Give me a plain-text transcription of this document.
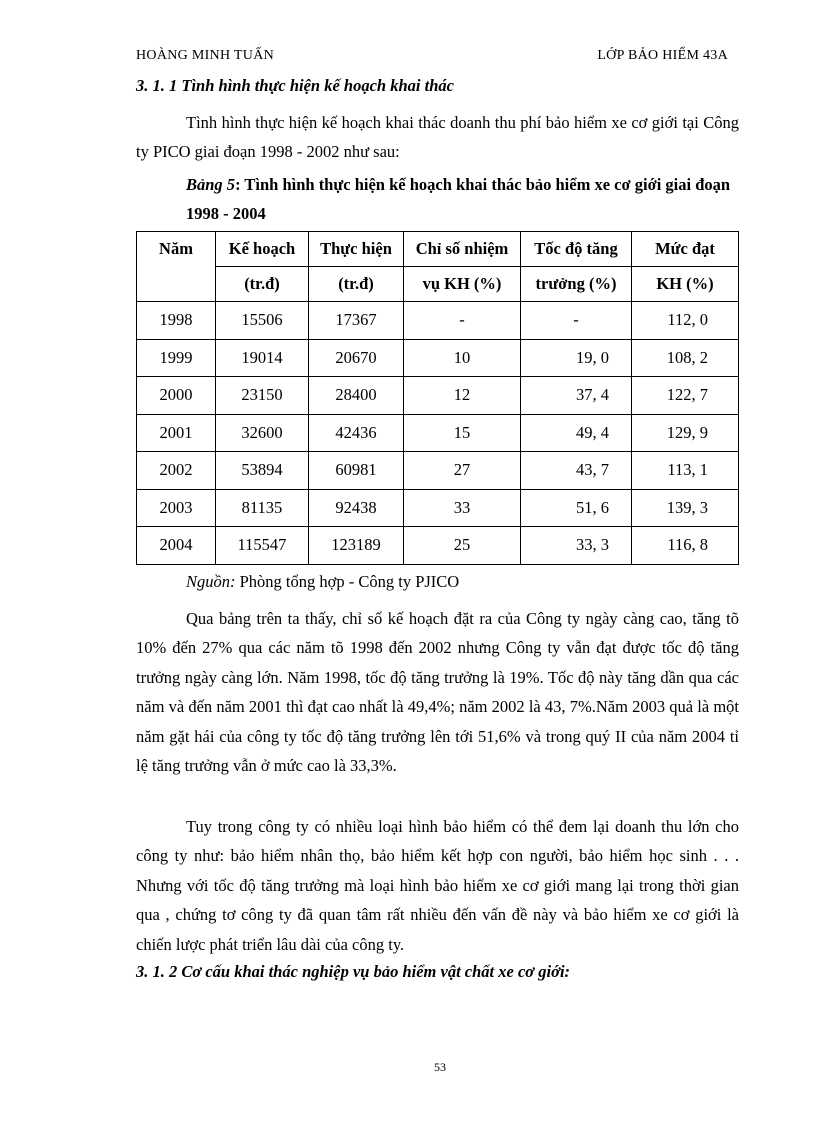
HOÀNG MINH TUẤN	LỚP BẢO HIỂM 43A
3. 1. 1 Tình hình thực hiện kế hoạch khai thác

Tình hình thực hiện kế hoạch khai thác doanh thu phí bảo hiểm xe cơ giới tại Công ty PICO giai đoạn 1998 - 2002 như sau:

Bảng 5: Tình hình thực hiện kế hoạch khai thác bảo hiểm xe cơ giới giai đoạn 1998 - 2004
Năm	Kế hoạch	Thực hiện	Chỉ số nhiệm	Tốc độ tăng	Mức đạt
	(tr.đ)	(tr.đ)	vụ KH (%)	trưởng (%)	KH (%)
1998	15506	17367	-	-	112, 0
1999	19014	20670	10	19, 0	108, 2
2000	23150	28400	12	37, 4	122, 7
2001	32600	42436	15	49, 4	129, 9
2002	53894	60981	27	43, 7	113, 1
2003	81135	92438	33	51, 6	139, 3
2004	115547	123189	25	33, 3	116, 8
Nguồn: Phòng tổng hợp - Công ty PJICO

Qua bảng trên ta thấy, chỉ số kế hoạch đặt ra của Công ty ngày càng cao, tăng tõ 10% đến 27% qua các năm tõ 1998 đến 2002 nhưng Công ty vẫn đạt được tốc độ tăng trưởng ngày càng lớn. Năm 1998, tốc độ tăng trưởng là 19%. Tốc độ này tăng dần qua các năm và đến năm 2001 thì đạt cao nhất là 49,4%; năm 2002 là 43, 7%.Năm 2003 quả là một năm gặt hái của công ty tốc độ tăng trưởng lên tới 51,6% và trong quý II của năm 2004 tỉ lệ tăng trưởng vẫn ở mức cao là 33,3%.

Tuy trong công ty có nhiều loại hình bảo hiểm có thể đem lại doanh thu lớn cho công ty như: bảo hiểm nhân thọ, bảo hiểm kết hợp con người, bảo hiểm học sinh . . . Nhưng với tốc độ tăng trưởng mà loại hình bảo hiểm xe cơ giới mang lại trong thời gian qua , chứng tơ công ty đã quan tâm rất nhiều đến vấn đề này và bảo hiểm xe cơ giới là chiến lược phát triển lâu dài của công ty.

3. 1. 2 Cơ cấu khai thác nghiệp vụ bảo hiểm vật chất xe cơ giới:
53
